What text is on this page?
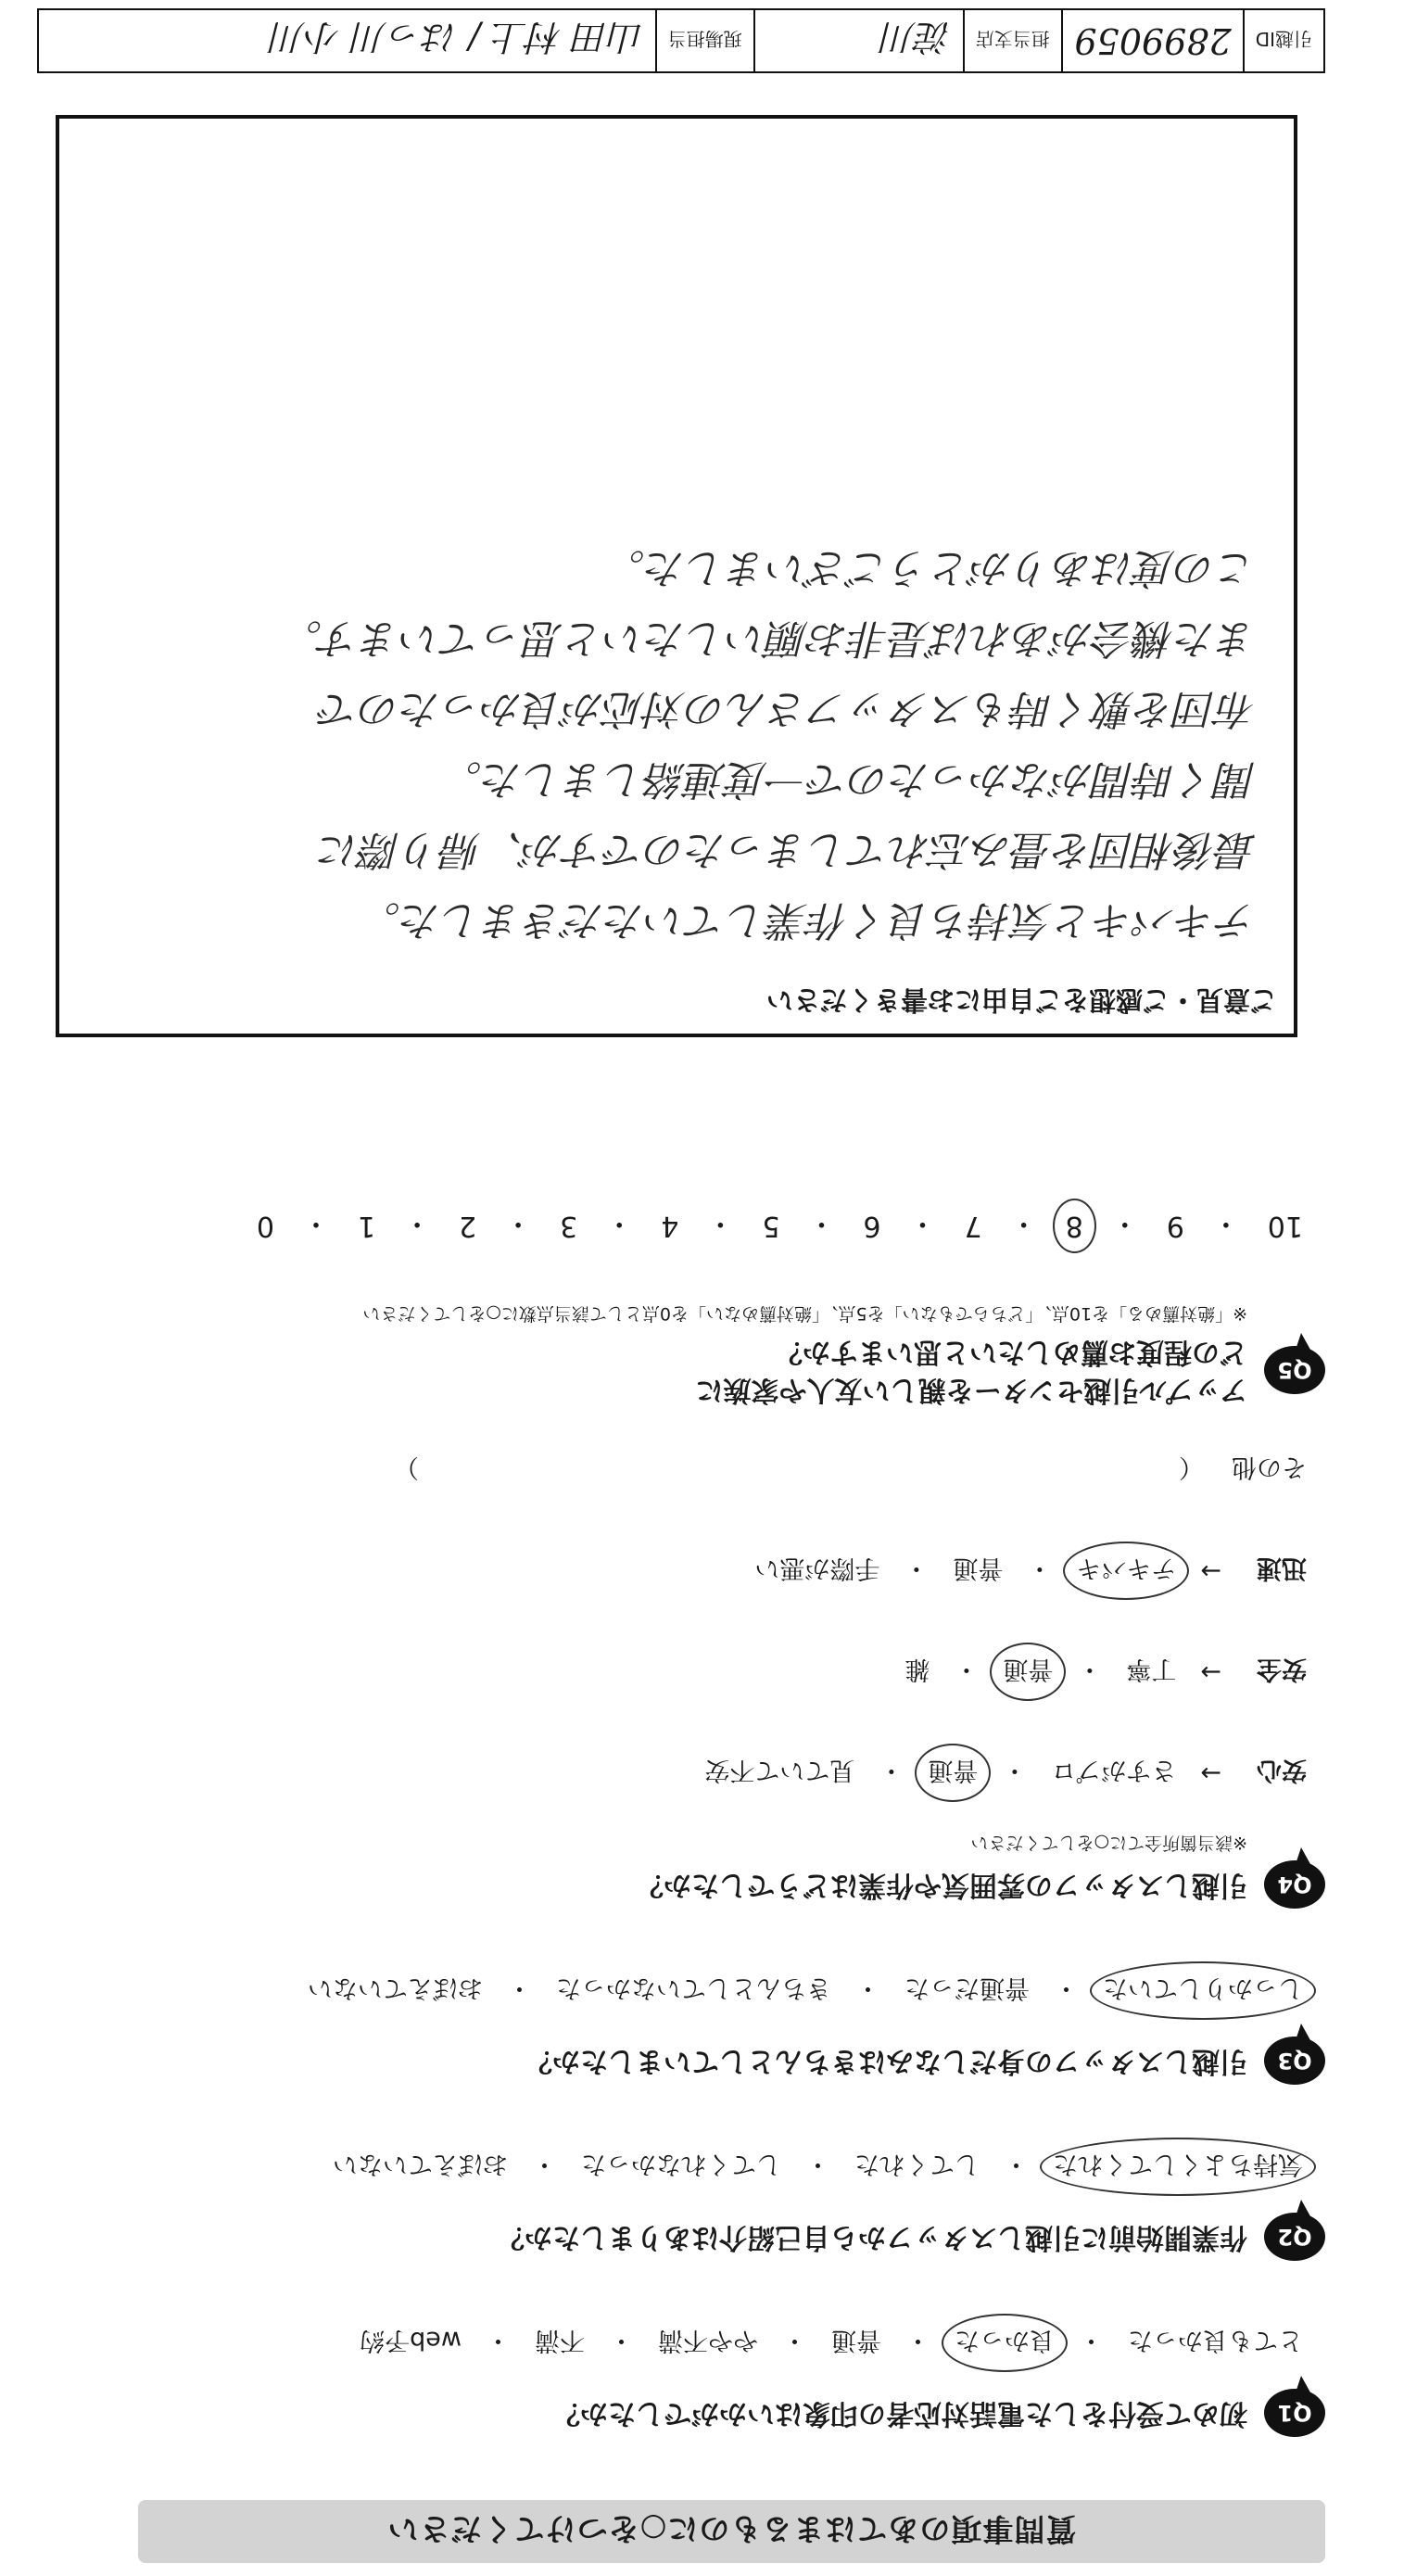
質問事項のあてはまるものに○をつけてください
Q1
初めて受付をした電話対応者の印象はいかがでしたか？
とても良かった
・
良かった
・
普通
・
やや不満
・
不満
・
web予約
Q2
作業開始前に引越しスタッフから自己紹介はありましたか？
気持ちよくしてくれた
・
してくれた
・
してくれなかった
・
おぼえていない
Q3
引越しスタッフの身だしなみはきちんとしていましたか？
しっかりしていた
・
普通だった
・
きちんとしていなかった
・
おぼえていない
Q4
引越しスタッフの雰囲気や作業はどうでしたか？
※該当箇所全てに○をしてください
安心
→
さすがプロ
・
普通
・
見ていて不安
安全
→
丁寧
・
普通
・
雑
迅速
→
テキパキ
・
普通
・
手際が悪い
その他
（
）
Q5
アップル引越センターを親しい友人や家族に
どの程度お薦めしたいと思いますか？
※「絶対薦める」を10点、「どちらでもない」を5点、「絶対薦めない」を0点として該当点数に○をしてください
10
・
9
・
8
・
7
・
6
・
5
・
4
・
3
・
2
・
1
・
0
ご意見・ご感想をご自由にお書きください
テキパキと気持ち良く作業していただきました。
最後相団を畳み忘れてしまったのですが、帰り際に
聞く時間がなかったので一度連絡しました。
布団を敷く時もスタッフさんの対応が良かったので
また機会があれば是非お願いしたいと思っています。
この度はありがとうございました。
引越ID
2899059
担当支店
淀川
現場担当
山田 村上 / はっ川 小川
